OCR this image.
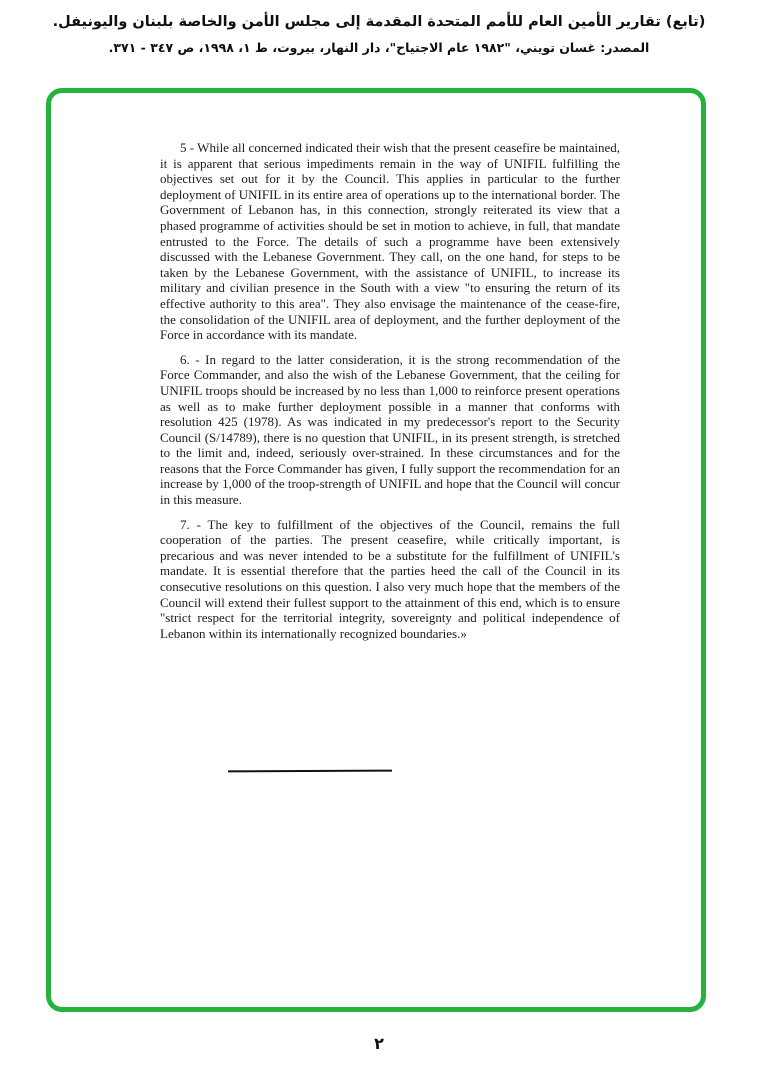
(تابع) تقارير الأمين العام للأمم المتحدة المقدمة إلى مجلس الأمن والخاصة بلبنان واليونيفل.
المصدر: غسان تويني، "١٩٨٢ عام الاجتياح"، دار النهار، بيروت، ط ١، ١٩٩٨، ص ٣٤٧ - ٣٧١.

5 - While all concerned indicated their wish that the present ceasefire be maintained, it is apparent that serious impediments remain in the way of UNIFIL fulfilling the objectives set out for it by the Council. This applies in particular to the further deployment of UNIFIL in its entire area of operations up to the international border. The Government of Lebanon has, in this connection, strongly reiterated its view that a phased programme of activities should be set in motion to achieve, in full, that mandate entrusted to the Force. The details of such a programme have been extensively discussed with the Lebanese Government. They call, on the one hand, for steps to be taken by the Lebanese Government, with the assistance of UNIFIL, to increase its military and civilian presence in the South with a view "to ensuring the return of its effective authority to this area". They also envisage the maintenance of the cease-fire, the consolidation of the UNIFIL area of deployment, and the further deployment of the Force in accordance with its mandate.

6. - In regard to the latter consideration, it is the strong recommendation of the Force Commander, and also the wish of the Lebanese Government, that the ceiling for UNIFIL troops should be increased by no less than 1,000 to reinforce present operations as well as to make further deployment possible in a manner that conforms with resolution 425 (1978). As was indicated in my predecessor's report to the Security Council (S/14789), there is no question that UNIFIL, in its present strength, is stretched to the limit and, indeed, seriously over-strained. In these circumstances and for the reasons that the Force Commander has given, I fully support the recommendation for an increase by 1,000 of the troop-strength of UNIFIL and hope that the Council will concur in this measure.

7. - The key to fulfillment of the objectives of the Council, remains the full cooperation of the parties. The present ceasefire, while critically important, is precarious and was never intended to be a substitute for the fulfillment of UNIFIL's mandate. It is essential therefore that the parties heed the call of the Council in its consecutive resolutions on this question. I also very much hope that the members of the Council will extend their fullest support to the attainment of this end, which is to ensure "strict respect for the territorial integrity, sovereignty and political independence of Lebanon within its internationally recognized boundaries.»

٢
